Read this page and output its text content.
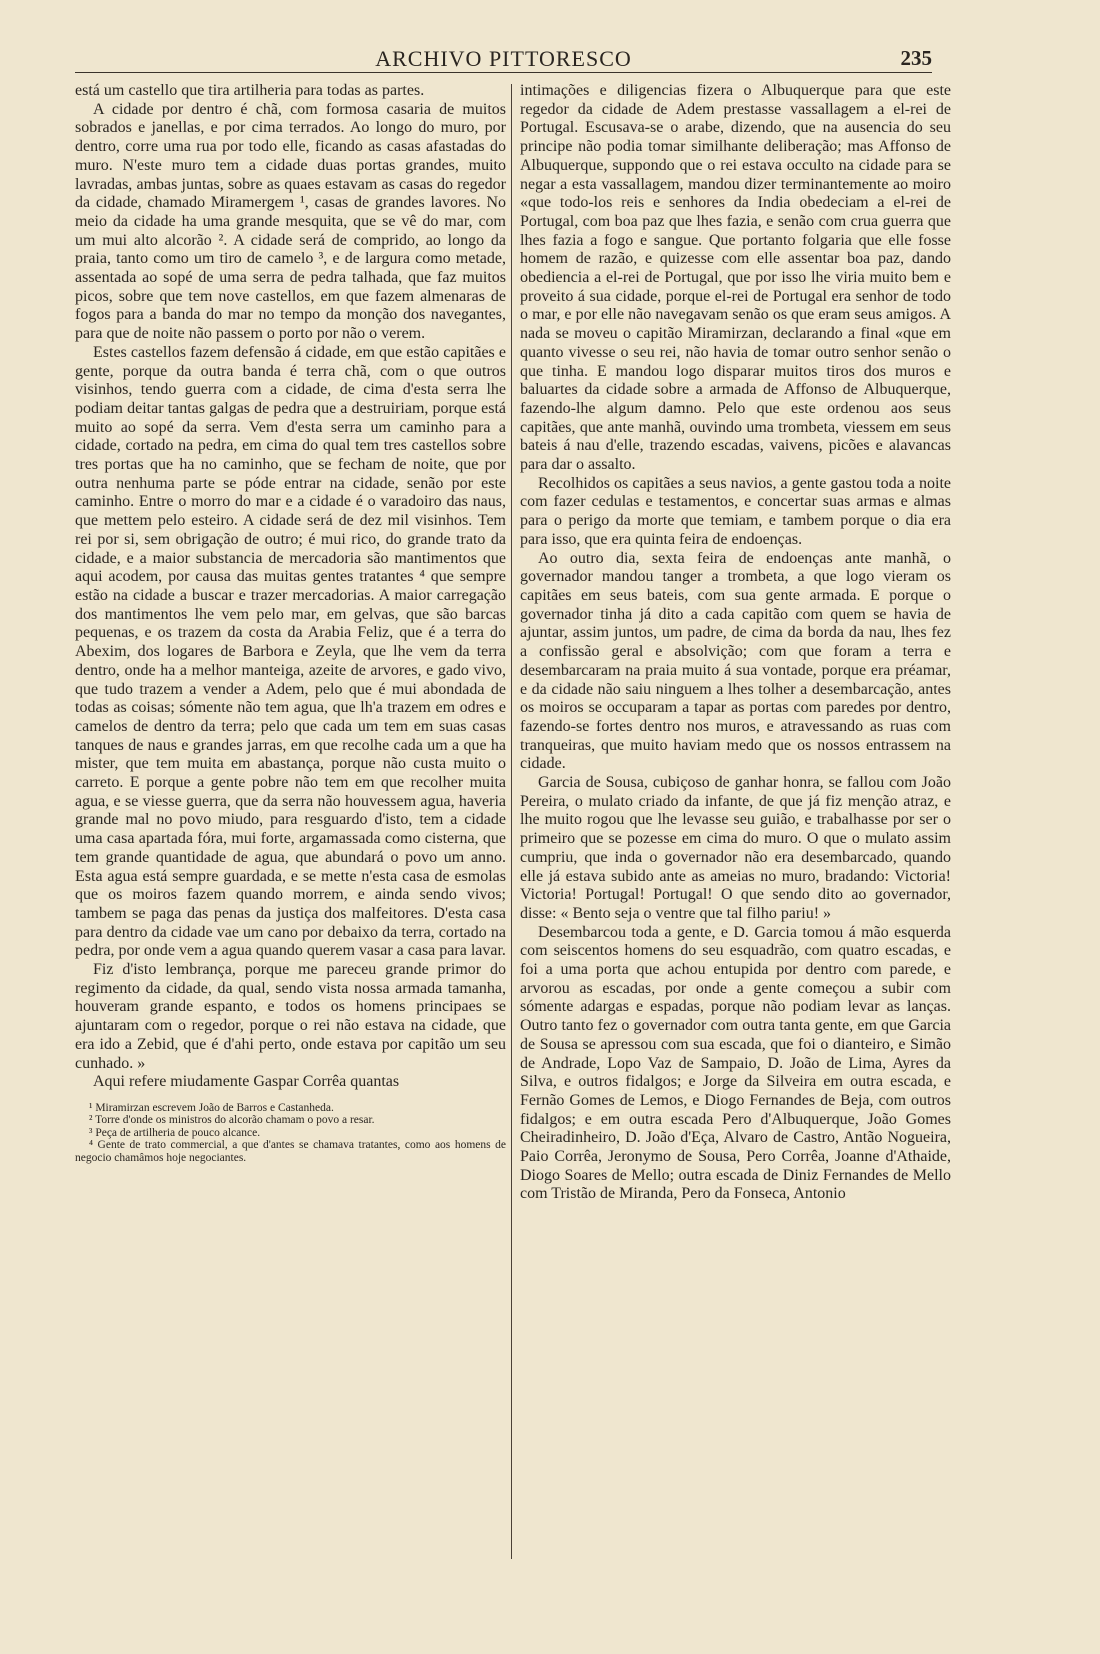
ARCHIVO PITTORESCO	235

está um castello que tira artilheria para todas as partes.

A cidade por dentro é chã, com formosa casaria de muitos sobrados e janellas, e por cima terrados. Ao longo do muro, por dentro, corre uma rua por todo elle, ficando as casas afastadas do muro. N'este muro tem a cidade duas portas grandes, muito lavradas, ambas juntas, sobre as quaes estavam as casas do regedor da cidade, chamado Miramergem ¹, casas de grandes lavores. No meio da cidade ha uma grande mesquita, que se vê do mar, com um mui alto alcorão ². A cidade será de comprido, ao longo da praia, tanto como um tiro de camelo ³, e de largura como metade, assentada ao sopé de uma serra de pedra talhada, que faz muitos picos, sobre que tem nove castellos, em que fazem almenaras de fogos para a banda do mar no tempo da monção dos navegantes, para que de noite não passem o porto por não o verem.

Estes castellos fazem defensão á cidade, em que estão capitães e gente, porque da outra banda é terra chã, com o que outros visinhos, tendo guerra com a cidade, de cima d'esta serra lhe podiam deitar tantas galgas de pedra que a destruiriam, porque está muito ao sopé da serra. Vem d'esta serra um caminho para a cidade, cortado na pedra, em cima do qual tem tres castellos sobre tres portas que ha no caminho, que se fecham de noite, que por outra nenhuma parte se póde entrar na cidade, senão por este caminho. Entre o morro do mar e a cidade é o varadoiro das naus, que mettem pelo esteiro. A cidade será de dez mil visinhos. Tem rei por si, sem obrigação de outro; é mui rico, do grande trato da cidade, e a maior substancia de mercadoria são mantimentos que aqui acodem, por causa das muitas gentes tratantes ⁴ que sempre estão na cidade a buscar e trazer mercadorias. A maior carregação dos mantimentos lhe vem pelo mar, em gelvas, que são barcas pequenas, e os trazem da costa da Arabia Feliz, que é a terra do Abexim, dos logares de Barbora e Zeyla, que lhe vem da terra dentro, onde ha a melhor manteiga, azeite de arvores, e gado vivo, que tudo trazem a vender a Adem, pelo que é mui abondada de todas as coisas; sómente não tem agua, que lh'a trazem em odres e camelos de dentro da terra; pelo que cada um tem em suas casas tanques de naus e grandes jarras, em que recolhe cada um a que ha mister, que tem muita em abastança, porque não custa muito o carreto. E porque a gente pobre não tem em que recolher muita agua, e se viesse guerra, que da serra não houvessem agua, haveria grande mal no povo miudo, para resguardo d'isto, tem a cidade uma casa apartada fóra, mui forte, argamassada como cisterna, que tem grande quantidade de agua, que abundará o povo um anno. Esta agua está sempre guardada, e se mette n'esta casa de esmolas que os moiros fazem quando morrem, e ainda sendo vivos; tambem se paga das penas da justiça dos malfeitores. D'esta casa para dentro da cidade vae um cano por debaixo da terra, cortado na pedra, por onde vem a agua quando querem vasar a casa para lavar.

Fiz d'isto lembrança, porque me pareceu grande primor do regimento da cidade, da qual, sendo vista nossa armada tamanha, houveram grande espanto, e todos os homens principaes se ajuntaram com o regedor, porque o rei não estava na cidade, que era ido a Zebid, que é d'ahi perto, onde estava por capitão um seu cunhado. »

Aqui refere miudamente Gaspar Corrêa quantas

¹ Miramirzan escrevem João de Barros e Castanheda.
² Torre d'onde os ministros do alcorão chamam o povo a resar.
³ Peça de artilheria de pouco alcance.
⁴ Gente de trato commercial, a que d'antes se chamava tratantes, como aos homens de negocio chamâmos hoje negociantes.

intimações e diligencias fizera o Albuquerque para que este regedor da cidade de Adem prestasse vassallagem a el-rei de Portugal. Escusava-se o arabe, dizendo, que na ausencia do seu principe não podia tomar similhante deliberação; mas Affonso de Albuquerque, suppondo que o rei estava occulto na cidade para se negar a esta vassallagem, mandou dizer terminantemente ao moiro «que todo-los reis e senhores da India obedeciam a el-rei de Portugal, com boa paz que lhes fazia, e senão com crua guerra que lhes fazia a fogo e sangue. Que portanto folgaria que elle fosse homem de razão, e quizesse com elle assentar boa paz, dando obediencia a el-rei de Portugal, que por isso lhe viria muito bem e proveito á sua cidade, porque el-rei de Portugal era senhor de todo o mar, e por elle não navegavam senão os que eram seus amigos. A nada se moveu o capitão Miramirzan, declarando a final «que em quanto vivesse o seu rei, não havia de tomar outro senhor senão o que tinha. E mandou logo disparar muitos tiros dos muros e baluartes da cidade sobre a armada de Affonso de Albuquerque, fazendo-lhe algum damno. Pelo que este ordenou aos seus capitães, que ante manhã, ouvindo uma trombeta, viessem em seus bateis á nau d'elle, trazendo escadas, vaivens, picões e alavancas para dar o assalto.

Recolhidos os capitães a seus navios, a gente gastou toda a noite com fazer cedulas e testamentos, e concertar suas armas e almas para o perigo da morte que temiam, e tambem porque o dia era para isso, que era quinta feira de endoenças.

Ao outro dia, sexta feira de endoenças ante manhã, o governador mandou tanger a trombeta, a que logo vieram os capitães em seus bateis, com sua gente armada. E porque o governador tinha já dito a cada capitão com quem se havia de ajuntar, assim juntos, um padre, de cima da borda da nau, lhes fez a confissão geral e absolvição; com que foram a terra e desembarcaram na praia muito á sua vontade, porque era préamar, e da cidade não saiu ninguem a lhes tolher a desembarcação, antes os moiros se occuparam a tapar as portas com paredes por dentro, fazendo-se fortes dentro nos muros, e atravessando as ruas com tranqueiras, que muito haviam medo que os nossos entrassem na cidade.

Garcia de Sousa, cubiçoso de ganhar honra, se fallou com João Pereira, o mulato criado da infante, de que já fiz menção atraz, e lhe muito rogou que lhe levasse seu guião, e trabalhasse por ser o primeiro que se pozesse em cima do muro. O que o mulato assim cumpriu, que inda o governador não era desembarcado, quando elle já estava subido ante as ameias no muro, bradando: Victoria! Victoria! Portugal! Portugal! O que sendo dito ao governador, disse: « Bento seja o ventre que tal filho pariu! »

Desembarcou toda a gente, e D. Garcia tomou á mão esquerda com seiscentos homens do seu esquadrão, com quatro escadas, e foi a uma porta que achou entupida por dentro com parede, e arvorou as escadas, por onde a gente começou a subir com sómente adargas e espadas, porque não podiam levar as lanças. Outro tanto fez o governador com outra tanta gente, em que Garcia de Sousa se apressou com sua escada, que foi o dianteiro, e Simão de Andrade, Lopo Vaz de Sampaio, D. João de Lima, Ayres da Silva, e outros fidalgos; e Jorge da Silveira em outra escada, e Fernão Gomes de Lemos, e Diogo Fernandes de Beja, com outros fidalgos; e em outra escada Pero d'Albuquerque, João Gomes Cheiradinheiro, D. João d'Eça, Alvaro de Castro, Antão Nogueira, Paio Corrêa, Jeronymo de Sousa, Pero Corrêa, Joanne d'Athaide, Diogo Soares de Mello; outra escada de Diniz Fernandes de Mello com Tristão de Miranda, Pero da Fonseca, Antonio
